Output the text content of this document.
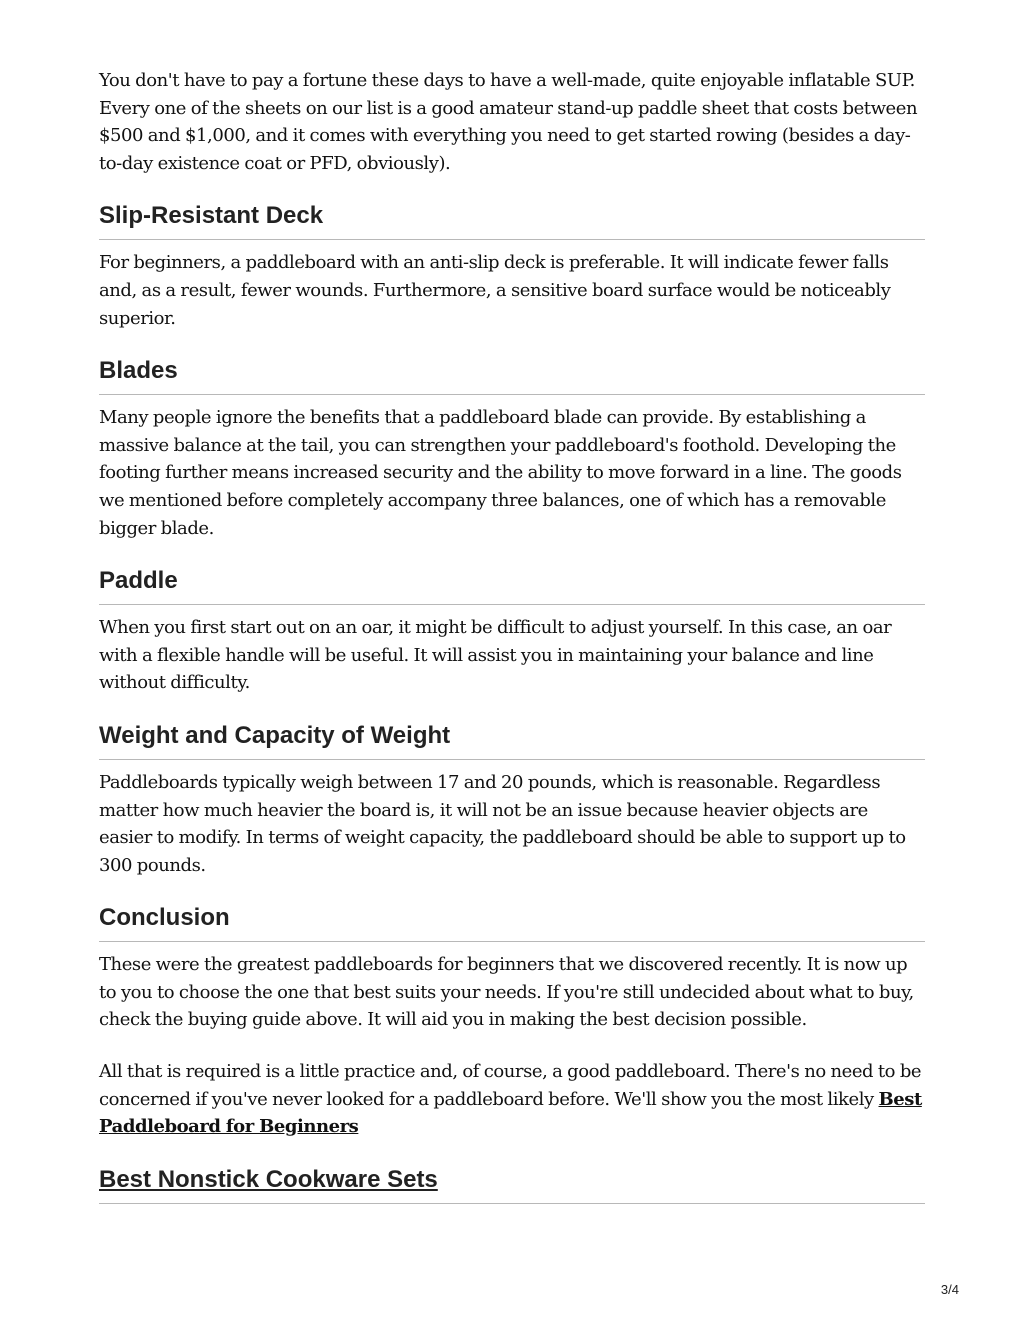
You don't have to pay a fortune these days to have a well-made, quite enjoyable inflatable SUP. Every one of the sheets on our list is a good amateur stand-up paddle sheet that costs between $500 and $1,000, and it comes with everything you need to get started rowing (besides a day-to-day existence coat or PFD, obviously).

Slip-Resistant Deck

For beginners, a paddleboard with an anti-slip deck is preferable. It will indicate fewer falls and, as a result, fewer wounds. Furthermore, a sensitive board surface would be noticeably superior.

Blades

Many people ignore the benefits that a paddleboard blade can provide. By establishing a massive balance at the tail, you can strengthen your paddleboard's foothold. Developing the footing further means increased security and the ability to move forward in a line. The goods we mentioned before completely accompany three balances, one of which has a removable bigger blade.

Paddle

When you first start out on an oar, it might be difficult to adjust yourself. In this case, an oar with a flexible handle will be useful. It will assist you in maintaining your balance and line without difficulty.

Weight and Capacity of Weight

Paddleboards typically weigh between 17 and 20 pounds, which is reasonable. Regardless matter how much heavier the board is, it will not be an issue because heavier objects are easier to modify. In terms of weight capacity, the paddleboard should be able to support up to 300 pounds.

Conclusion

These were the greatest paddleboards for beginners that we discovered recently. It is now up to you to choose the one that best suits your needs. If you're still undecided about what to buy, check the buying guide above. It will aid you in making the best decision possible.

All that is required is a little practice and, of course, a good paddleboard. There's no need to be concerned if you've never looked for a paddleboard before. We'll show you the most likely Best Paddleboard for Beginners

Best Nonstick Cookware Sets
3/4
